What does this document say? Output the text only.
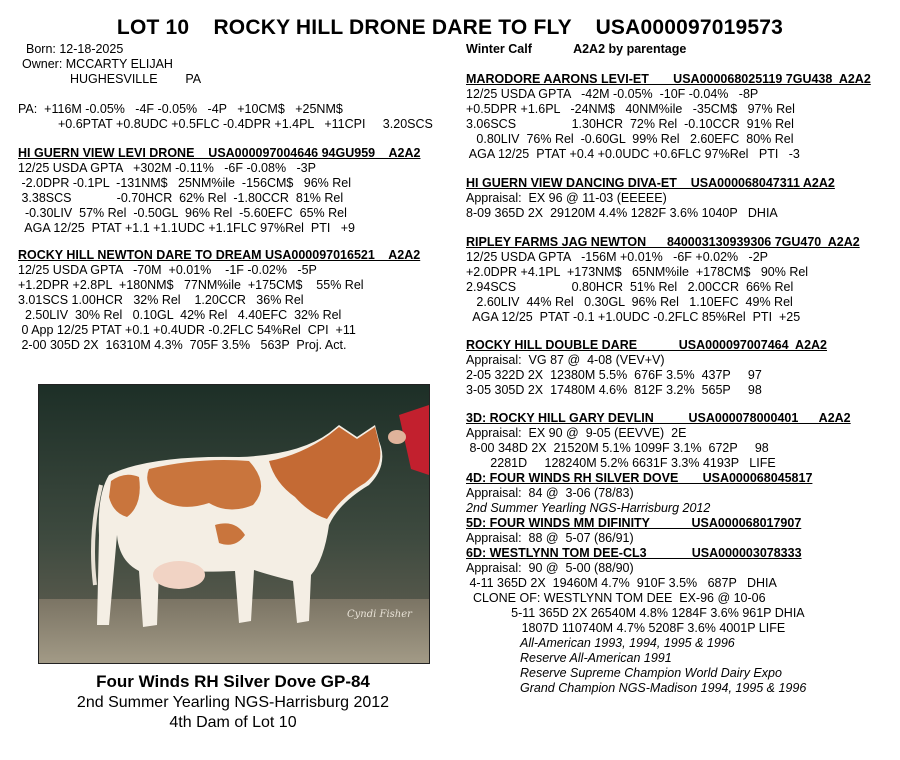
LOT 10    ROCKY HILL DRONE DARE TO FLY    USA000097019573
Born: 12-18-2025
Owner: MCCARTY ELIJAH
HUGHESVILLE        PA
PA:  +116M -0.05%   -4F -0.05%   -4P   +10CM$   +25NM$
+0.6PTAT +0.8UDC +0.5FLC -0.4DPR +1.4PL   +11CPI     3.20SCS
HI GUERN VIEW LEVI DRONE    USA000097004646 94GU959    A2A2
12/25 USDA GPTA   +302M -0.11%   -6F -0.08%   -3P
-2.0DPR -0.1PL  -131NM$   25NM%ile  -156CM$   96% Rel
3.38SCS             -0.70HCR  62% Rel  -1.80CCR  81% Rel
-0.30LIV  57% Rel  -0.50GL  96% Rel  -5.60EFC  65% Rel
AGA 12/25  PTAT +1.1 +1.1UDC +1.1FLC 97%Rel  PTI   +9
ROCKY HILL NEWTON DARE TO DREAM USA000097016521    A2A2
12/25 USDA GPTA   -70M  +0.01%    -1F -0.02%   -5P
+1.2DPR +2.8PL  +180NM$   77NM%ile  +175CM$    55% Rel
3.01SCS 1.00HCR   32% Rel    1.20CCR   36% Rel
2.50LIV  30% Rel   0.10GL  42% Rel   4.40EFC  32% Rel
0 App 12/25 PTAT +0.1 +0.4UDR -0.2FLC 54%Rel  CPI  +11
2-00 305D 2X  16310M 4.3%  705F 3.5%   563P  Proj. Act.
Cyndi Fisher
Four Winds RH Silver Dove GP-84
2nd Summer Yearling NGS-Harrisburg 2012
4th Dam of Lot 10
Winter Calf            A2A2 by parentage
MARODORE AARONS LEVI-ET       USA000068025119 7GU438  A2A2
12/25 USDA GPTA   -42M -0.05%  -10F -0.04%   -8P
+0.5DPR +1.6PL   -24NM$   40NM%ile   -35CM$   97% Rel
3.06SCS                1.30HCR  72% Rel  -0.10CCR  91% Rel
0.80LIV  76% Rel  -0.60GL  99% Rel   2.60EFC  80% Rel
AGA 12/25  PTAT +0.4 +0.0UDC +0.6FLC 97%Rel   PTI   -3
HI GUERN VIEW DANCING DIVA-ET    USA000068047311 A2A2
Appraisal:  EX 96 @ 11-03 (EEEEE)
8-09 365D 2X  29120M 4.4% 1282F 3.6% 1040P   DHIA
RIPLEY FARMS JAG NEWTON      840003130939306 7GU470  A2A2
12/25 USDA GPTA   -156M +0.01%   -6F +0.02%   -2P
+2.0DPR +4.1PL  +173NM$   65NM%ile  +178CM$   90% Rel
2.94SCS                0.80HCR  51% Rel   2.00CCR  66% Rel
2.60LIV  44% Rel   0.30GL  96% Rel   1.10EFC  49% Rel
AGA 12/25  PTAT -0.1 +1.0UDC -0.2FLC 85%Rel  PTI  +25
ROCKY HILL DOUBLE DARE            USA000097007464  A2A2
Appraisal:  VG 87 @  4-08 (VEV+V)
2-05 322D 2X  12380M 5.5%  676F 3.5%  437P     97
3-05 305D 2X  17480M 4.6%  812F 3.2%  565P     98
3D: ROCKY HILL GARY DEVLIN          USA000078000401      A2A2
Appraisal:  EX 90 @  9-05 (EEVVE)  2E
8-00 348D 2X  21520M 5.1% 1099F 3.1%  672P     98
2281D     128240M 5.2% 6631F 3.3% 4193P   LIFE
4D: FOUR WINDS RH SILVER DOVE       USA000068045817
Appraisal:  84 @  3-06 (78/83)
2nd Summer Yearling NGS-Harrisburg 2012
5D: FOUR WINDS MM DIFINITY            USA000068017907
Appraisal:  88 @  5-07 (86/91)
6D: WESTLYNN TOM DEE-CL3             USA000003078333
Appraisal:  90 @  5-00 (88/90)
4-11 365D 2X  19460M 4.7%  910F 3.5%   687P   DHIA
CLONE OF: WESTLYNN TOM DEE  EX-96 @ 10-06
5-11 365D 2X 26540M 4.8% 1284F 3.6% 961P DHIA
1807D 110740M 4.7% 5208F 3.6% 4001P LIFE
All-American 1993, 1994, 1995 & 1996
Reserve All-American 1991
Reserve Supreme Champion World Dairy Expo
Grand Champion NGS-Madison 1994, 1995 & 1996
